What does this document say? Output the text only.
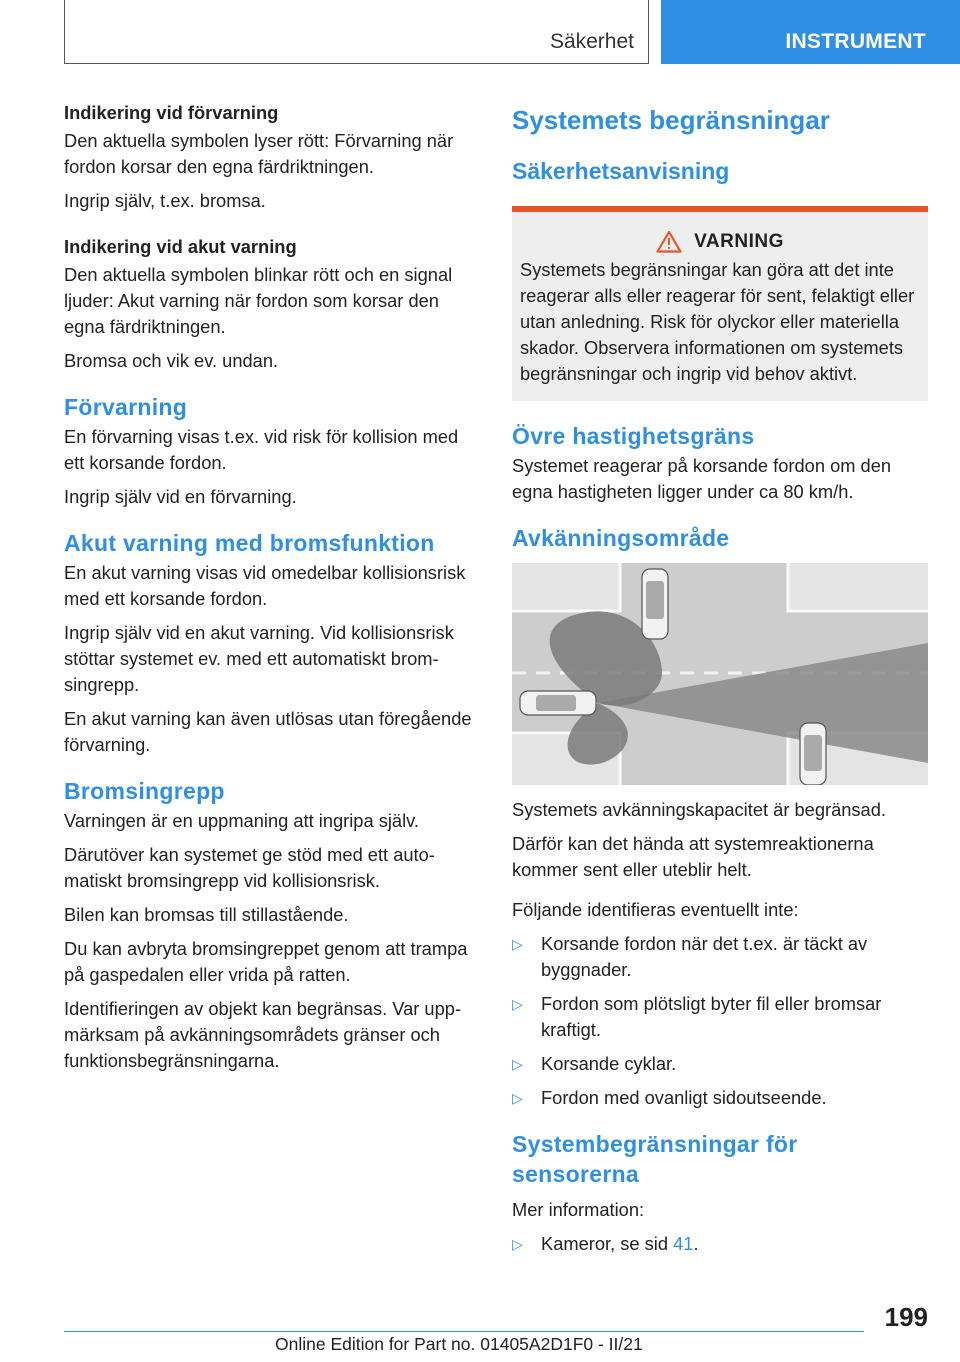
Säkerhet	INSTRUMENT
Indikering vid förvarning

Den aktuella symbolen lyser rött: Förvarning när fordon korsar den egna färdriktningen.

Ingrip själv, t.ex. bromsa.

Indikering vid akut varning

Den aktuella symbolen blinkar rött och en signal ljuder: Akut varning när fordon som korsar den egna färdriktningen.

Bromsa och vik ev. undan.

Förvarning

En förvarning visas t.ex. vid risk för kollision med ett korsande fordon.

Ingrip själv vid en förvarning.

Akut varning med bromsfunktion

En akut varning visas vid omedelbar kollisionsrisk med ett korsande fordon.

Ingrip själv vid en akut varning. Vid kollisionsrisk stöttar systemet ev. med ett automatiskt bromsingrepp.

En akut varning kan även utlösas utan föregående förvarning.

Bromsingrepp

Varningen är en uppmaning att ingripa själv.

Därutöver kan systemet ge stöd med ett automatiskt bromsingrepp vid kollisionsrisk.

Bilen kan bromsas till stillastående.

Du kan avbryta bromsingreppet genom att trampa på gaspedalen eller vrida på ratten.

Identifieringen av objekt kan begränsas. Var uppmärksam på avkänningsområdets gränser och funktionsbegränsningarna.

Systemets begränsningar
Säkerhetsanvisning
VARNING

Systemets begränsningar kan göra att det inte reagerar alls eller reagerar för sent, felaktigt eller utan anledning. Risk för olyckor eller materiella skador. Observera informationen om systemets begränsningar och ingrip vid behov aktivt.

Övre hastighetsgräns

Systemet reagerar på korsande fordon om den egna hastigheten ligger under ca 80 km/h.

Avkänningsområde

Systemets avkänningskapacitet är begränsad.

Därför kan det hända att systemreaktionerna kommer sent eller uteblir helt.

Följande identifieras eventuellt inte:

▷ Korsande fordon när det t.ex. är täckt av byggnader.
▷ Fordon som plötsligt byter fil eller bromsar kraftigt.
▷ Korsande cyklar.
▷ Fordon med ovanligt sidoutseende.
Systembegränsningar för sensorerna

Mer information:

▷ Kameror, se sid 41.
199
Online Edition for Part no. 01405A2D1F0 - II/21
